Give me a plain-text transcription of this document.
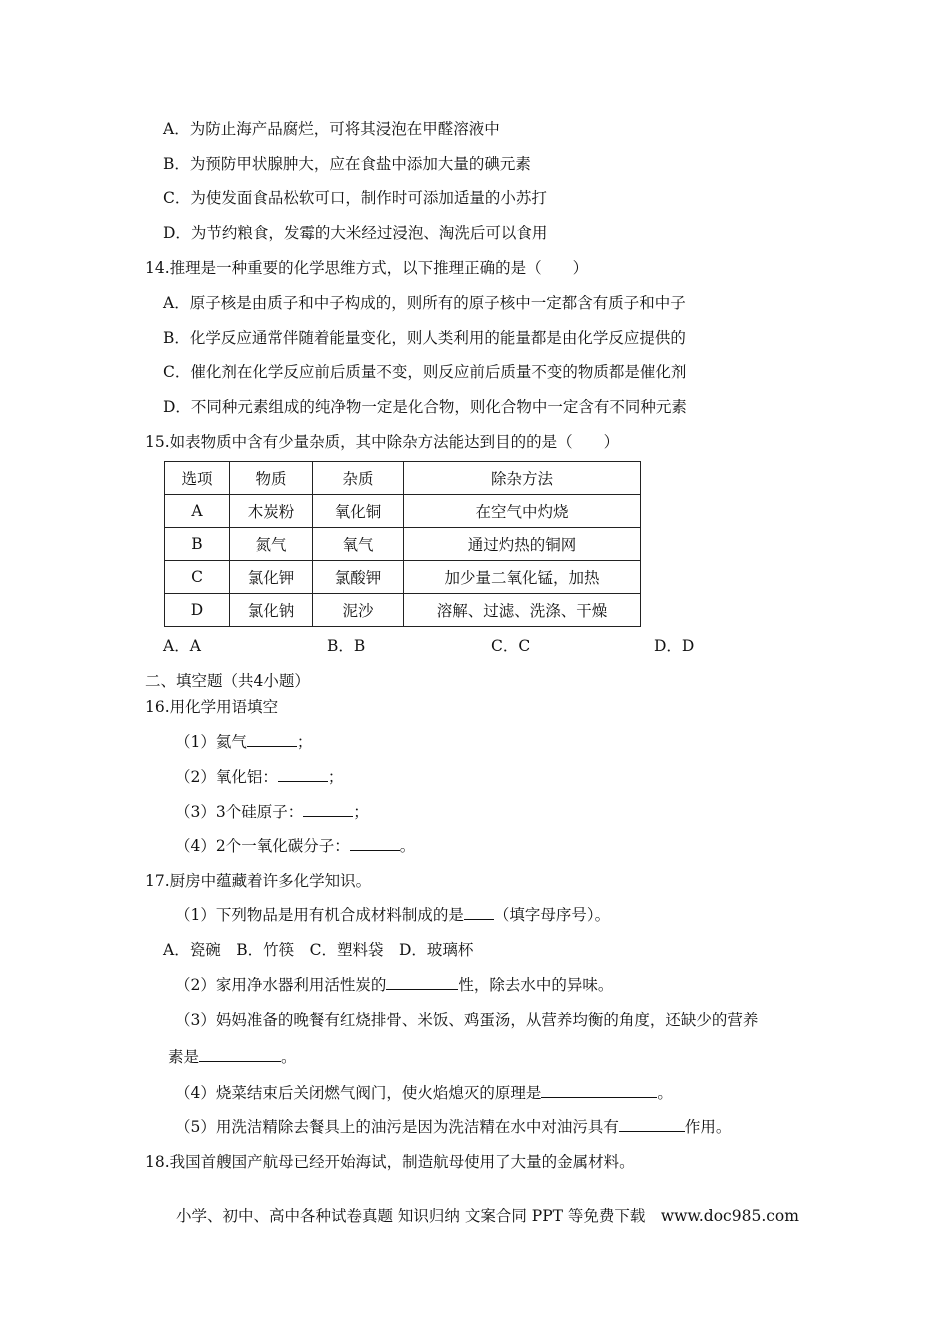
A．为防止海产品腐烂，可将其浸泡在甲醛溶液中
B．为预防甲状腺肿大，应在食盐中添加大量的碘元素
C．为使发面食品松软可口，制作时可添加适量的小苏打
D．为节约粮食，发霉的大米经过浸泡、淘洗后可以食用
14.推理是一种重要的化学思维方式，以下推理正确的是（　　）
A．原子核是由质子和中子构成的，则所有的原子核中一定都含有质子和中子
B．化学反应通常伴随着能量变化，则人类利用的能量都是由化学反应提供的
C．催化剂在化学反应前后质量不变，则反应前后质量不变的物质都是催化剂
D．不同种元素组成的纯净物一定是化合物，则化合物中一定含有不同种元素
15.如表物质中含有少量杂质，其中除杂方法能达到目的的是（　　）
选项	物质	杂质	除杂方法
A	木炭粉	氧化铜	在空气中灼烧
B	氮气	氧气	通过灼热的铜网
C	氯化钾	氯酸钾	加少量二氧化锰，加热
D	氯化钠	泥沙	溶解、过滤、洗涤、干燥
A．A	B．B	C．C	D．D
二、填空题（共4小题）
16.用化学用语填空
（1）氦气	；
（2）氧化铝：	；
（3）3个硅原子：	；
（4）2个一氧化碳分子：	。
17.厨房中蕴藏着许多化学知识。
（1）下列物品是用有机合成材料制成的是 （填字母序号）。
A．瓷碗　B．竹筷　C．塑料袋　D．玻璃杯
（2）家用净水器利用活性炭的	性，除去水中的异味。
（3）妈妈准备的晚餐有红烧排骨、米饭、鸡蛋汤，从营养均衡的角度，还缺少的营养
素是	。
（4）烧菜结束后关闭燃气阀门，使火焰熄灭的原理是	。
（5）用洗洁精除去餐具上的油污是因为洗洁精在水中对油污具有	作用。
18.我国首艘国产航母已经开始海试，制造航母使用了大量的金属材料。
小学、初中、高中各种试卷真题 知识归纳 文案合同 PPT 等免费下载　www.doc985.com
